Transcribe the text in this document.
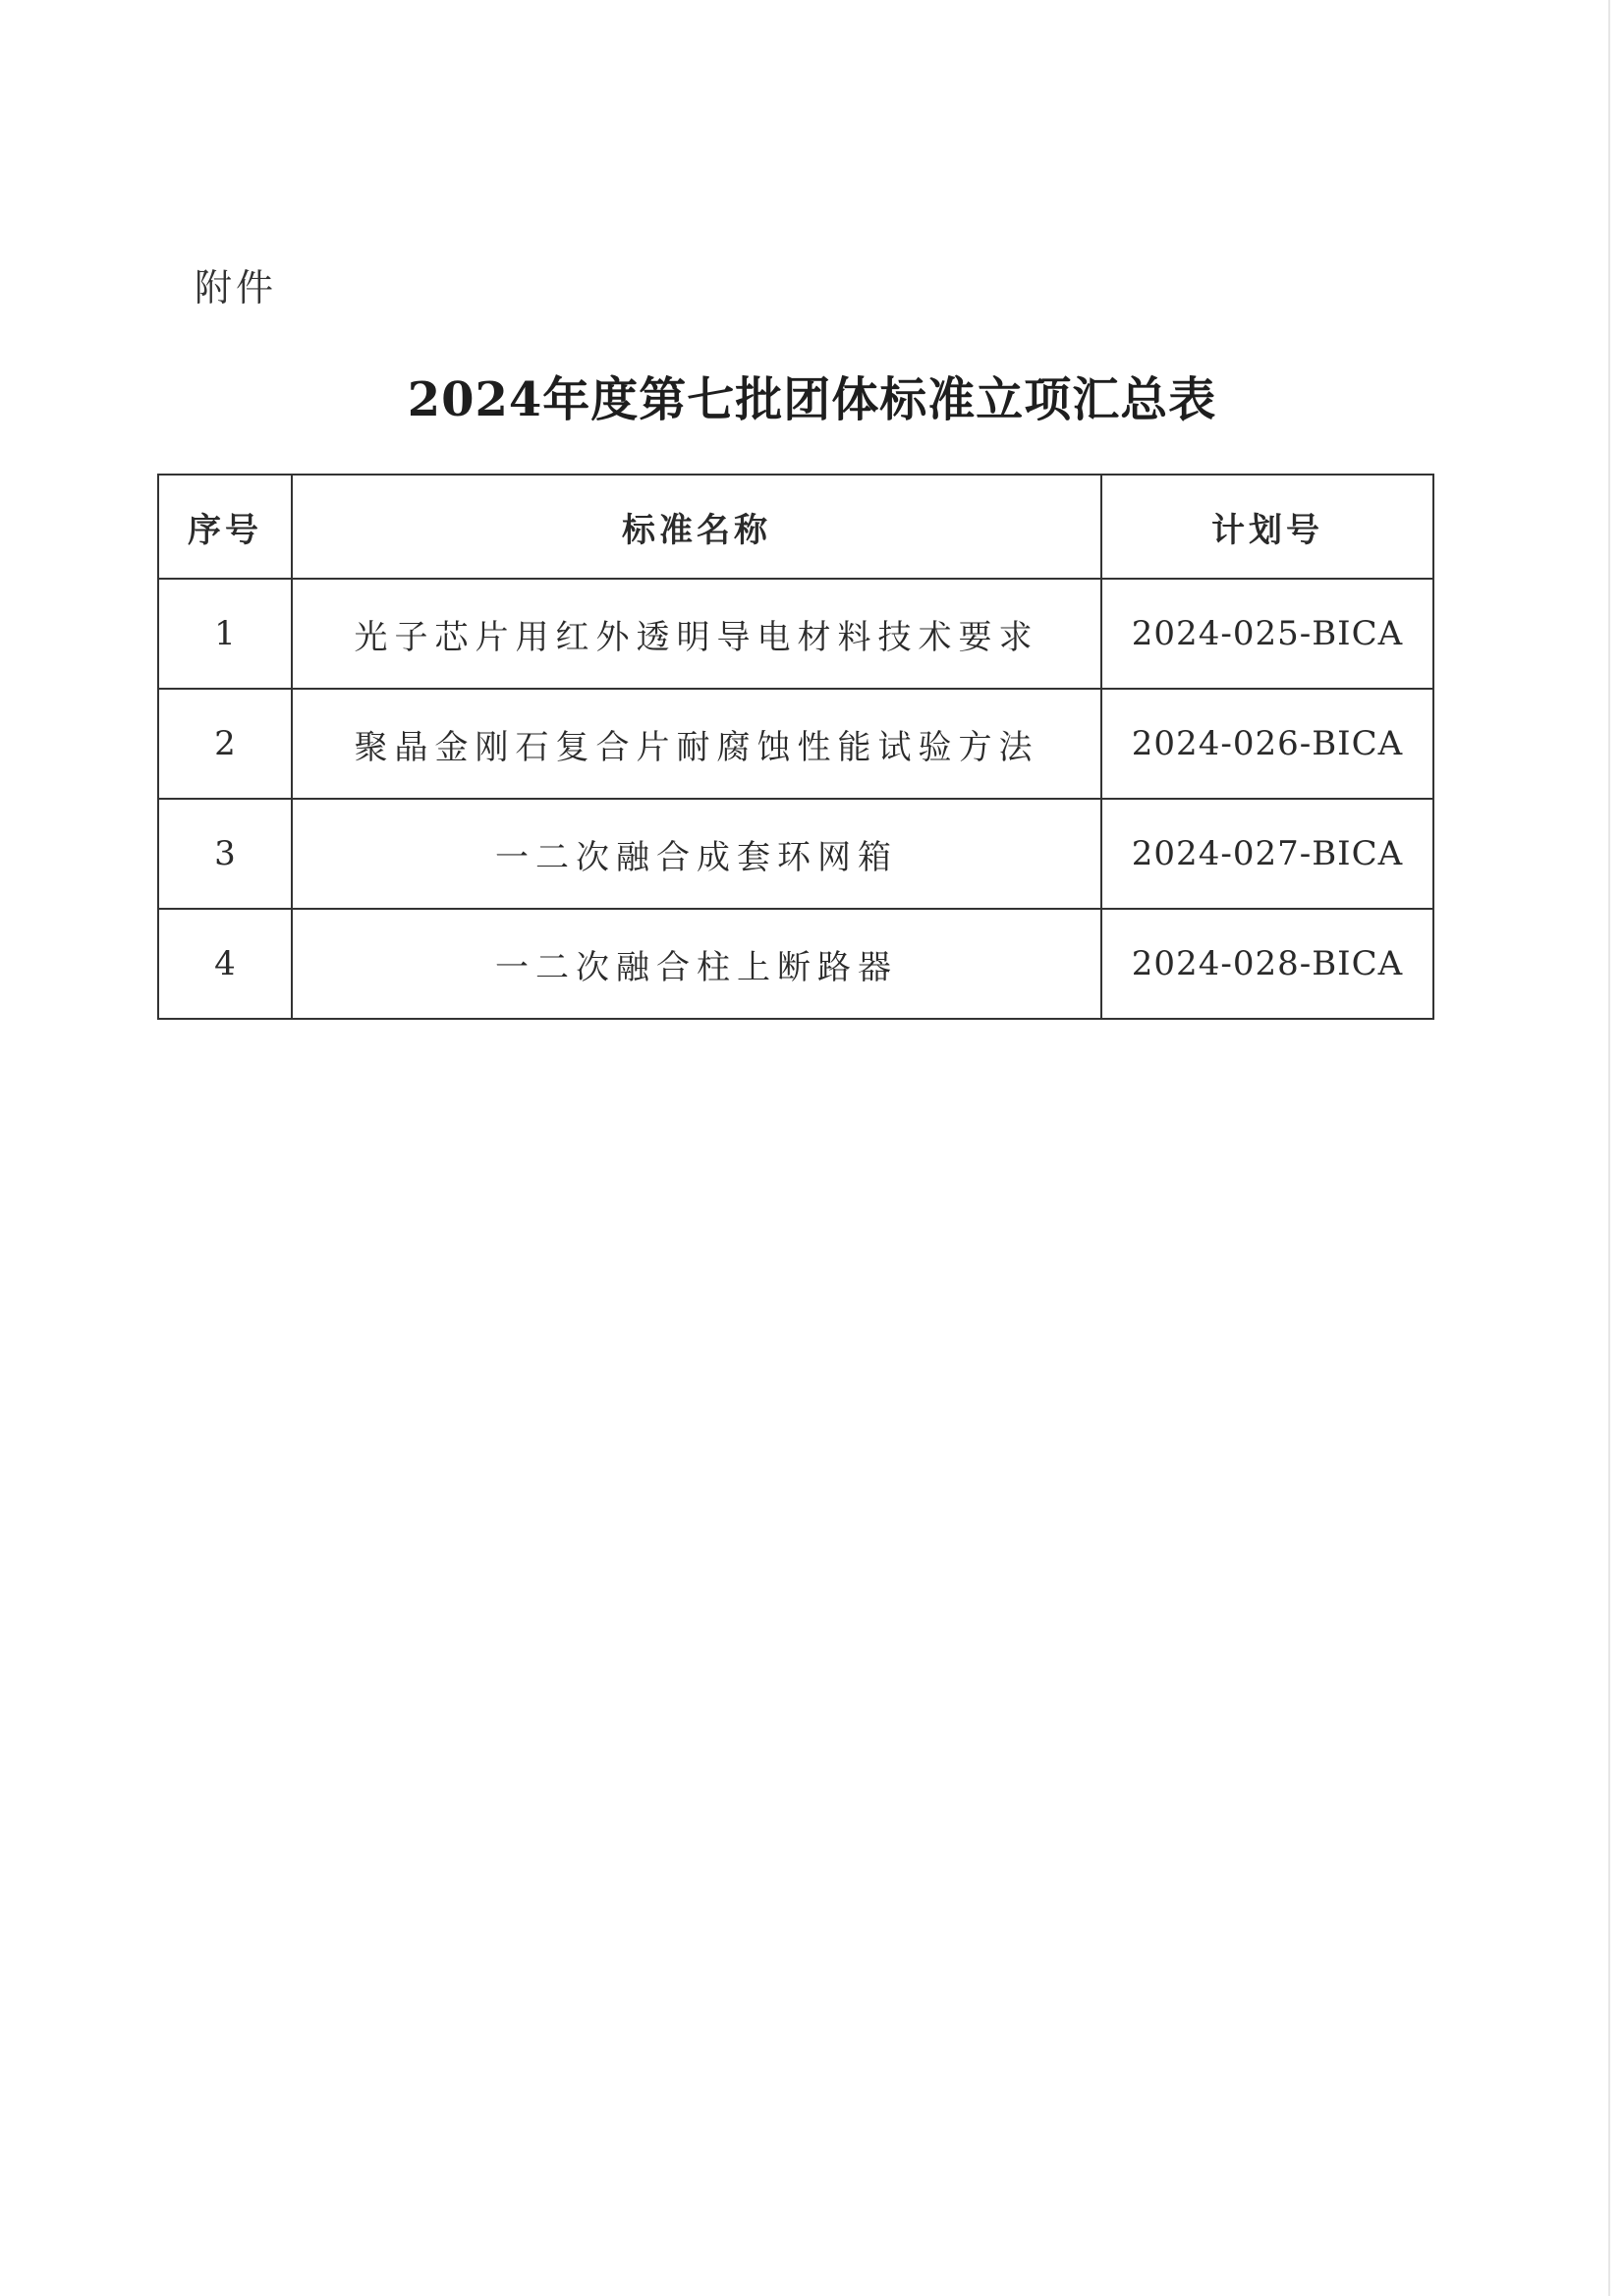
附件
2024年度第七批团体标准立项汇总表
序号	标准名称	计划号
1	光子芯片用红外透明导电材料技术要求	2024-025-BICA
2	聚晶金刚石复合片耐腐蚀性能试验方法	2024-026-BICA
3	一二次融合成套环网箱	2024-027-BICA
4	一二次融合柱上断路器	2024-028-BICA
